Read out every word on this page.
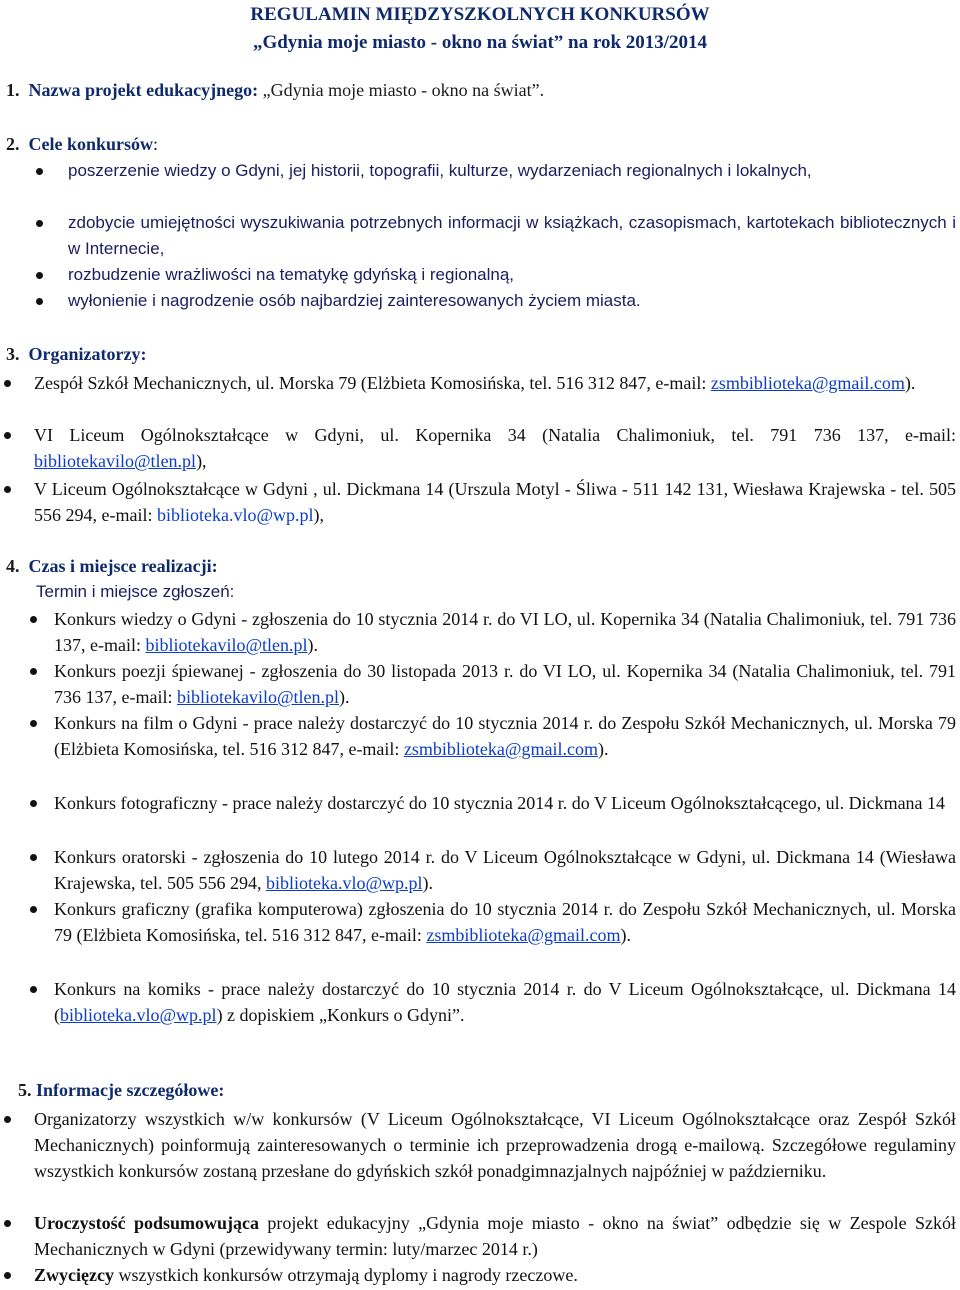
REGULAMIN MIĘDZYSZKOLNYCH KONKURSÓW
„Gdynia moje miasto - okno na świat” na rok 2013/2014
1. Nazwa projekt edukacyjnego: „Gdynia moje miasto - okno na świat”.
2. Cele konkursów:
poszerzenie wiedzy o Gdyni, jej historii, topografii, kulturze, wydarzeniach regionalnych i lokalnych,
zdobycie umiejętności wyszukiwania potrzebnych informacji w książkach, czasopismach, kartotekach bibliotecznych i w Internecie,
rozbudzenie wrażliwości na tematykę gdyńską i regionalną,
wyłonienie i nagrodzenie osób najbardziej zainteresowanych życiem miasta.
3. Organizatorzy:
Zespół Szkół Mechanicznych, ul. Morska 79 (Elżbieta Komosińska, tel. 516 312 847, e-mail: zsmbiblioteka@gmail.com).
VI Liceum Ogólnokształcące w Gdyni, ul. Kopernika 34 (Natalia Chalimoniuk, tel. 791 736 137, e-mail: bibliotekavilo@tlen.pl),
V Liceum Ogólnokształcące w Gdyni , ul. Dickmana 14 (Urszula Motyl - Śliwa - 511 142 131, Wiesława Krajewska - tel. 505 556 294, e-mail: biblioteka.vlo@wp.pl),
4. Czas i miejsce realizacji:
Termin i miejsce zgłoszeń:
Konkurs wiedzy o Gdyni - zgłoszenia do 10 stycznia 2014 r. do VI LO, ul. Kopernika 34 (Natalia Chalimoniuk, tel. 791 736 137, e-mail: bibliotekavilo@tlen.pl).
Konkurs poezji śpiewanej - zgłoszenia do 30 listopada 2013 r. do VI LO, ul. Kopernika 34 (Natalia Chalimoniuk, tel. 791 736 137, e-mail: bibliotekavilo@tlen.pl).
Konkurs na film o Gdyni - prace należy dostarczyć do 10 stycznia 2014 r. do Zespołu Szkół Mechanicznych, ul. Morska 79 (Elżbieta Komosińska, tel. 516 312 847, e-mail: zsmbiblioteka@gmail.com).
Konkurs fotograficzny - prace należy dostarczyć do 10 stycznia 2014 r. do V Liceum Ogólnokształcącego, ul. Dickmana 14
Konkurs oratorski - zgłoszenia do 10 lutego 2014 r. do V Liceum Ogólnokształcące w Gdyni, ul. Dickmana 14 (Wiesława Krajewska, tel. 505 556 294, biblioteka.vlo@wp.pl).
Konkurs graficzny (grafika komputerowa) zgłoszenia do 10 stycznia 2014 r. do Zespołu Szkół Mechanicznych, ul. Morska 79 (Elżbieta Komosińska, tel. 516 312 847, e-mail: zsmbiblioteka@gmail.com).
Konkurs na komiks - prace należy dostarczyć do 10 stycznia 2014 r. do V Liceum Ogólnokształcące, ul. Dickmana 14 (biblioteka.vlo@wp.pl) z dopiskiem „Konkurs o Gdyni”.
5. Informacje szczegółowe:
Organizatorzy wszystkich w/w konkursów (V Liceum Ogólnokształcące, VI Liceum Ogólnokształcące oraz Zespół Szkół Mechanicznych) poinformują zainteresowanych o terminie ich przeprowadzenia drogą e-mailową. Szczegółowe regulaminy wszystkich konkursów zostaną przesłane do gdyńskich szkół ponadgimnazjalnych najpóźniej w październiku.
Uroczystość podsumowująca projekt edukacyjny „Gdynia moje miasto - okno na świat” odbędzie się w Zespole Szkół Mechanicznych w Gdyni (przewidywany termin: luty/marzec 2014 r.)
Zwycięzcy wszystkich konkursów otrzymają dyplomy i nagrody rzeczowe.
